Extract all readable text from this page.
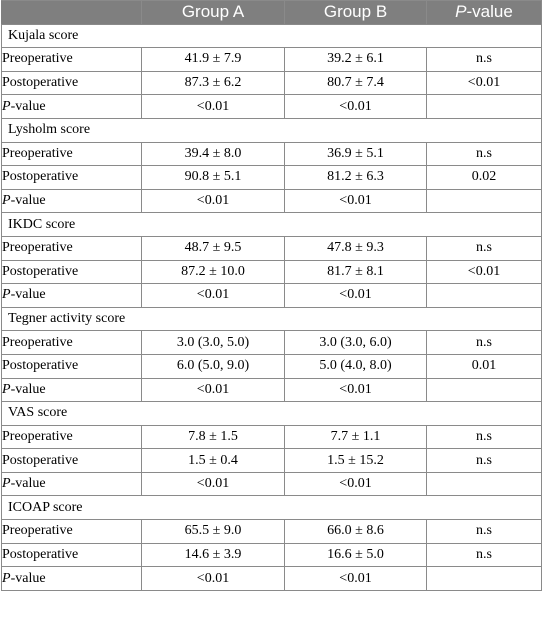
	Group A	Group B	P-value
Kujala score			
Preoperative	41.9 ± 7.9	39.2 ± 6.1	n.s
Postoperative	87.3 ± 6.2	80.7 ± 7.4	<0.01
P-value	<0.01	<0.01	
Lysholm score			
Preoperative	39.4 ± 8.0	36.9 ± 5.1	n.s
Postoperative	90.8 ± 5.1	81.2 ± 6.3	0.02
P-value	<0.01	<0.01	
IKDC score			
Preoperative	48.7 ± 9.5	47.8 ± 9.3	n.s
Postoperative	87.2 ± 10.0	81.7 ± 8.1	<0.01
P-value	<0.01	<0.01	
Tegner activity score			
Preoperative	3.0 (3.0, 5.0)	3.0 (3.0, 6.0)	n.s
Postoperative	6.0 (5.0, 9.0)	5.0 (4.0, 8.0)	0.01
P-value	<0.01	<0.01	
VAS score			
Preoperative	7.8 ± 1.5	7.7 ± 1.1	n.s
Postoperative	1.5 ± 0.4	1.5 ± 15.2	n.s
P-value	<0.01	<0.01	
ICOAP score			
Preoperative	65.5 ± 9.0	66.0 ± 8.6	n.s
Postoperative	14.6 ± 3.9	16.6 ± 5.0	n.s
P-value	<0.01	<0.01	
